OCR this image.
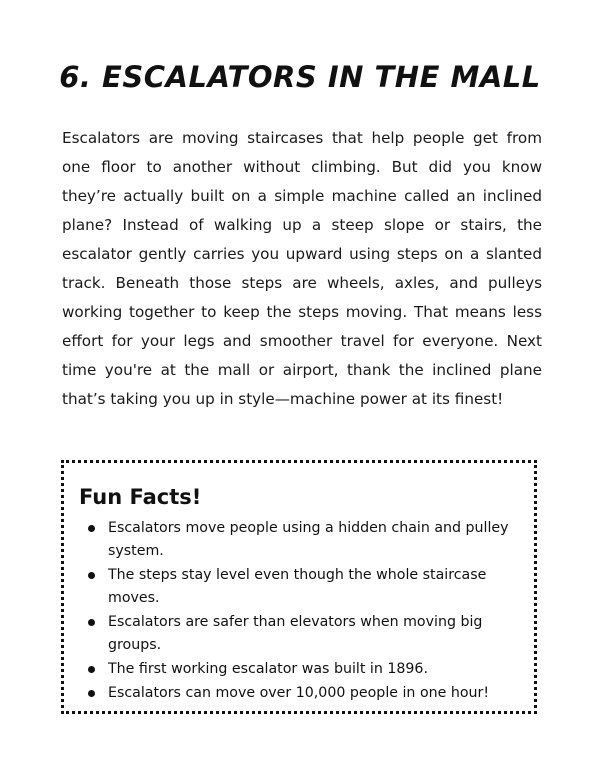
6. ESCALATORS IN THE MALL

Escalators are moving staircases that help people get from one floor to another without climbing. But did you know they’re actually built on a simple machine called an inclined plane? Instead of walking up a steep slope or stairs, the escalator gently carries you upward using steps on a slanted track. Beneath those steps are wheels, axles, and pulleys working together to keep the steps moving. That means less effort for your legs and smoother travel for everyone. Next time you're at the mall or airport, thank the inclined plane that’s taking you up in style—machine power at its finest!

Fun Facts!
Escalators move people using a hidden chain and pulley system.
The steps stay level even though the whole staircase moves.
Escalators are safer than elevators when moving big groups.
The first working escalator was built in 1896.
Escalators can move over 10,000 people in one hour!
